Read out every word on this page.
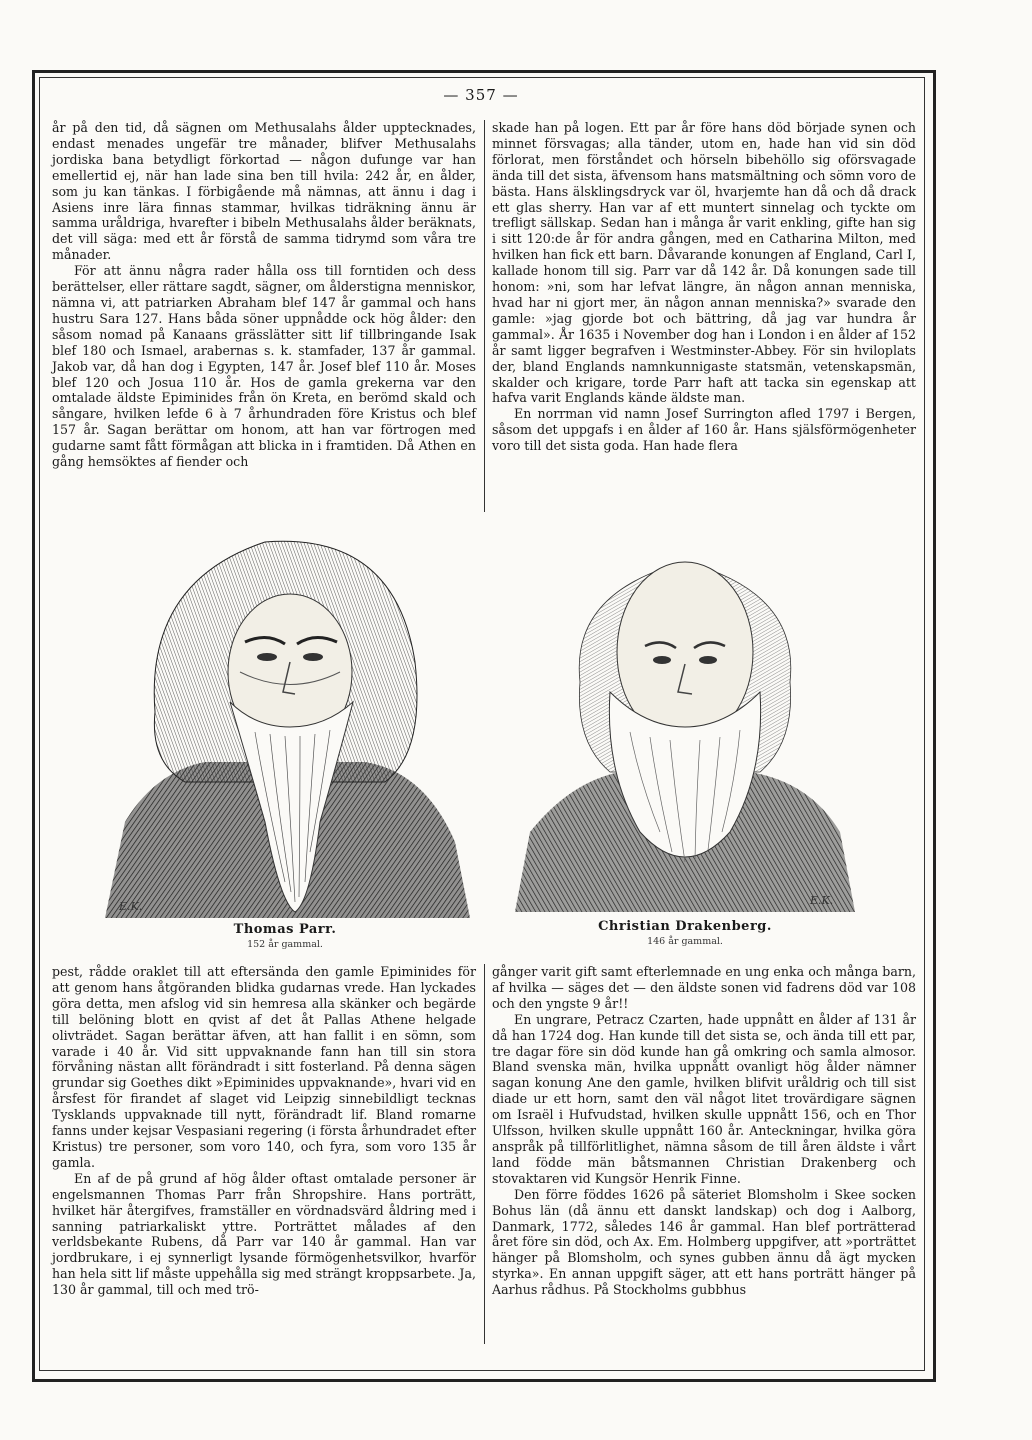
— 357 —

år på den tid, då sägnen om Methusalahs ålder upptecknades, endast menades ungefär tre månader, blifver Methusalahs jordiska bana betydligt förkortad — någon dufunge var han emellertid ej, när han lade sina ben till hvila: 242 år, en ålder, som ju kan tänkas. I förbigående må nämnas, att ännu i dag i Asiens inre lära finnas stammar, hvilkas tidräkning ännu är samma uråldriga, hvarefter i bibeln Methusalahs ålder beräknats, det vill säga: med ett år förstå de samma tidrymd som våra tre månader.

För att ännu några rader hålla oss till forntiden och dess berättelser, eller rättare sagdt, sägner, om ålderstigna menniskor, nämna vi, att patriarken Abraham blef 147 år gammal och hans hustru Sara 127. Hans båda söner uppnådde ock hög ålder: den såsom nomad på Kanaans grässlätter sitt lif tillbringande Isak blef 180 och Ismael, arabernas s. k. stamfader, 137 år gammal. Jakob var, då han dog i Egypten, 147 år. Josef blef 110 år. Moses blef 120 och Josua 110 år. Hos de gamla grekerna var den omtalade äldste Epiminides från ön Kreta, en berömd skald och sångare, hvilken lefde 6 à 7 århundraden före Kristus och blef 157 år. Sagan berättar om honom, att han var förtrogen med gudarne samt fått förmågan att blicka in i framtiden. Då Athen en gång hemsöktes af fiender och

skade han på logen. Ett par år före hans död började synen och minnet försvagas; alla tänder, utom en, hade han vid sin död förlorat, men förståndet och hörseln bibehöllo sig oförsvagade ända till det sista, äfvensom hans matsmältning och sömn voro de bästa. Hans älsklingsdryck var öl, hvarjemte han då och då drack ett glas sherry. Han var af ett muntert sinnelag och tyckte om trefligt sällskap. Sedan han i många år varit enkling, gifte han sig i sitt 120:de år för andra gången, med en Catharina Milton, med hvilken han fick ett barn. Dåvarande konungen af England, Carl I, kallade honom till sig. Parr var då 142 år. Då konungen sade till honom: »ni, som har lefvat längre, än någon annan menniska, hvad har ni gjort mer, än någon annan menniska?» svarade den gamle: »jag gjorde bot och bättring, då jag var hundra år gammal». År 1635 i November dog han i London i en ålder af 152 år samt ligger begrafven i Westminster-Abbey. För sin hviloplats der, bland Englands namnkunnigaste statsmän, vetenskapsmän, skalder och krigare, torde Parr haft att tacka sin egenskap att hafva varit Englands kände äldste man.

En norrman vid namn Josef Surrington afled 1797 i Bergen, såsom det uppgafs i en ålder af 160 år. Hans själsförmögenheter voro till det sista goda. Han hade flera

E.K.
Thomas Parr.
152 år gammal.
E.K.
Christian Drakenberg.
146 år gammal.

pest, rådde oraklet till att eftersända den gamle Epiminides för att genom hans åtgöranden blidka gudarnas vrede. Han lyckades göra detta, men afslog vid sin hemresa alla skänker och begärde till belöning blott en qvist af det åt Pallas Athene helgade olivträdet. Sagan berättar äfven, att han fallit i en sömn, som varade i 40 år. Vid sitt uppvaknande fann han till sin stora förvåning nästan allt förändradt i sitt fosterland. På denna sägen grundar sig Goethes dikt »Epiminides uppvaknande», hvari vid en årsfest för firandet af slaget vid Leipzig sinnebildligt tecknas Tysklands uppvaknade till nytt, förändradt lif. Bland romarne fanns under kejsar Vespasiani regering (i första århundradet efter Kristus) tre personer, som voro 140, och fyra, som voro 135 år gamla.

En af de på grund af hög ålder oftast omtalade personer är engelsmannen Thomas Parr från Shropshire. Hans porträtt, hvilket här återgifves, framställer en vördnadsvärd åldring med i sanning patriarkaliskt yttre. Porträttet målades af den verldsbekante Rubens, då Parr var 140 år gammal. Han var jordbrukare, i ej synnerligt lysande förmögenhetsvilkor, hvarför han hela sitt lif måste uppehålla sig med strängt kroppsarbete. Ja, 130 år gammal, till och med trö-

gånger varit gift samt efterlemnade en ung enka och många barn, af hvilka — säges det — den äldste sonen vid fadrens död var 108 och den yngste 9 år!!

En ungrare, Petracz Czarten, hade uppnått en ålder af 131 år då han 1724 dog. Han kunde till det sista se, och ända till ett par, tre dagar före sin död kunde han gå omkring och samla almosor. Bland svenska män, hvilka uppnått ovanligt hög ålder nämner sagan konung Ane den gamle, hvilken blifvit uråldrig och till sist diade ur ett horn, samt den väl något litet trovärdigare sägnen om Israël i Hufvudstad, hvilken skulle uppnått 156, och en Thor Ulfsson, hvilken skulle uppnått 160 år. Anteckningar, hvilka göra anspråk på tillförlitlighet, nämna såsom de till åren äldste i vårt land födde män båtsmannen Christian Drakenberg och stovaktaren vid Kungsör Henrik Finne.

Den förre föddes 1626 på säteriet Blomsholm i Skee socken Bohus län (då ännu ett danskt landskap) och dog i Aalborg, Danmark, 1772, således 146 år gammal. Han blef porträtterad året före sin död, och Ax. Em. Holmberg uppgifver, att »porträttet hänger på Blomsholm, och synes gubben ännu då ägt mycken styrka». En annan uppgift säger, att ett hans porträtt hänger på Aarhus rådhus. På Stockholms gubbhus
